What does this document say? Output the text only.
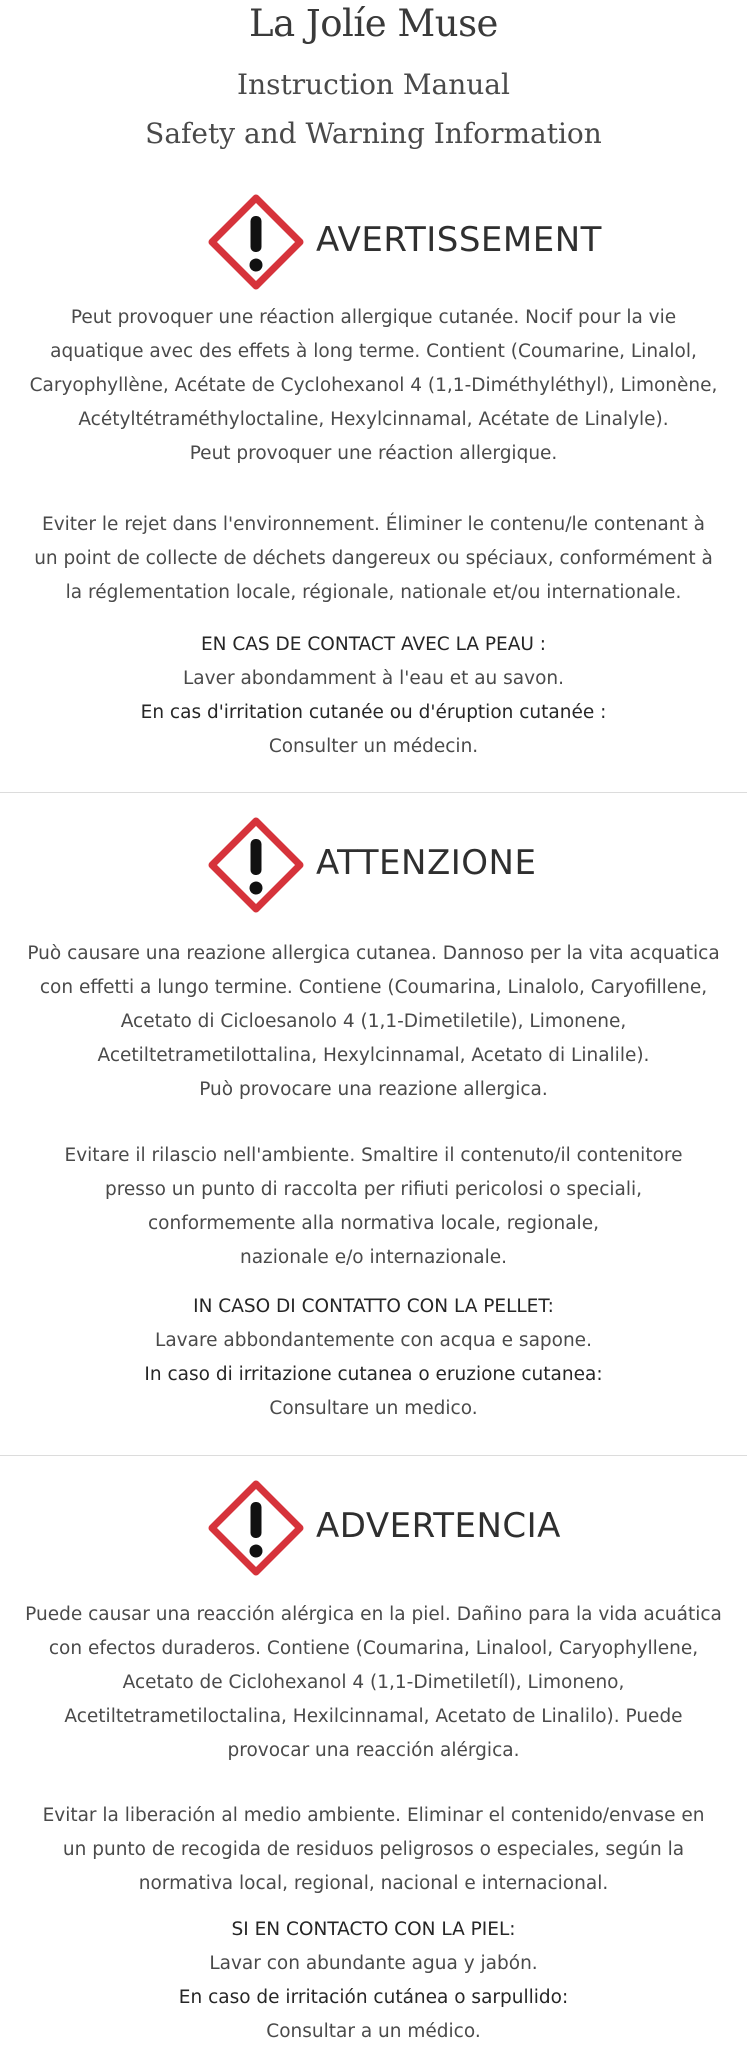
La Jolíe Muse
Instruction Manual
Safety and Warning Information
AVERTISSEMENT
Peut provoquer une réaction allergique cutanée. Nocif pour la vie
aquatique avec des effets à long terme. Contient (Coumarine, Linalol,
Caryophyllène, Acétate de Cyclohexanol 4 (1,1-Diméthyléthyl), Limonène,
Acétyltétraméthyloctaline, Hexylcinnamal, Acétate de Linalyle).
Peut provoquer une réaction allergique.
Eviter le rejet dans l'environnement. Éliminer le contenu/le contenant à
un point de collecte de déchets dangereux ou spéciaux, conformément à
la réglementation locale, régionale, nationale et/ou internationale.
EN CAS DE CONTACT AVEC LA PEAU :
Laver abondamment à l'eau et au savon.
En cas d'irritation cutanée ou d'éruption cutanée :
Consulter un médecin.
ATTENZIONE
Può causare una reazione allergica cutanea. Dannoso per la vita acquatica
con effetti a lungo termine. Contiene (Coumarina, Linalolo, Caryofillene,
Acetato di Cicloesanolo 4 (1,1-Dimetiletile), Limonene,
Acetiltetrametilottalina, Hexylcinnamal, Acetato di Linalile).
Può provocare una reazione allergica.
Evitare il rilascio nell'ambiente. Smaltire il contenuto/il contenitore
presso un punto di raccolta per rifiuti pericolosi o speciali,
conformemente alla normativa locale, regionale,
nazionale e/o internazionale.
IN CASO DI CONTATTO CON LA PELLET:
Lavare abbondantemente con acqua e sapone.
In caso di irritazione cutanea o eruzione cutanea:
Consultare un medico.
ADVERTENCIA
Puede causar una reacción alérgica en la piel. Dañino para la vida acuática
con efectos duraderos. Contiene (Coumarina, Linalool, Caryophyllene,
Acetato de Ciclohexanol 4 (1,1-Dimetiletíl), Limoneno,
Acetiltetrametiloctalina, Hexilcinnamal, Acetato de Linalilo). Puede
provocar una reacción alérgica.
Evitar la liberación al medio ambiente. Eliminar el contenido/envase en
un punto de recogida de residuos peligrosos o especiales, según la
normativa local, regional, nacional e internacional.
SI EN CONTACTO CON LA PIEL:
Lavar con abundante agua y jabón.
En caso de irritación cutánea o sarpullido:
Consultar a un médico.
